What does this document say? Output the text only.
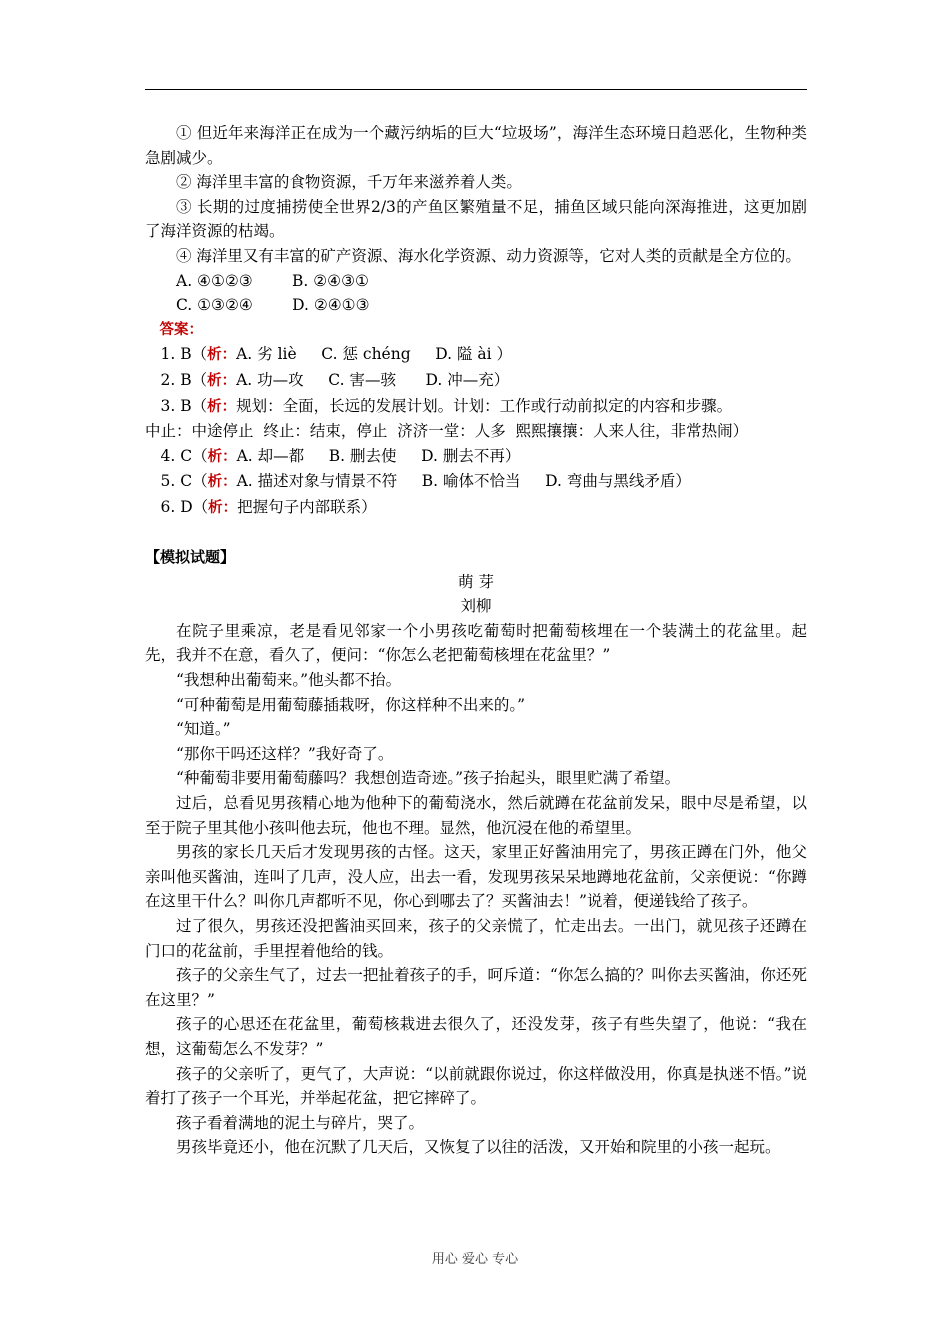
① 但近年来海洋正在成为一个藏污纳垢的巨大“垃圾场”，海洋生态环境日趋恶化，生物种类急剧减少。

② 海洋里丰富的食物资源，千万年来滋养着人类。

③ 长期的过度捕捞使全世界2/3的产鱼区繁殖量不足，捕鱼区域只能向深海推进，这更加剧了海洋资源的枯竭。

④ 海洋里又有丰富的矿产资源、海水化学资源、动力资源等，它对人类的贡献是全方位的。

A. ④①②③        B. ②④③①

C. ①③②④        D. ②④①③

答案：

1. B（析：A. 劣 liè     C. 惩 chéng     D. 隘 ài ）

2. B（析：A. 功—攻     C. 害—骇      D. 冲—充）

3. B（析：规划：全面，长远的发展计划。计划：工作或行动前拟定的内容和步骤。

中止：中途停止  终止：结束，停止  济济一堂：人多  熙熙攘攘：人来人往，非常热闹）

4. C（析：A. 却—都     B. 删去使     D. 删去不再）

5. C（析：A. 描述对象与情景不符     B. 喻体不恰当     D. 弯曲与黑线矛盾）

6. D（析：把握句子内部联系）

【模拟试题】

萌 芽

刘柳

在院子里乘凉，老是看见邻家一个小男孩吃葡萄时把葡萄核埋在一个装满土的花盆里。起先，我并不在意，看久了，便问：“你怎么老把葡萄核埋在花盆里？”

“我想种出葡萄来。”他头都不抬。

“可种葡萄是用葡萄藤插栽呀，你这样种不出来的。”

“知道。”

“那你干吗还这样？”我好奇了。

“种葡萄非要用葡萄藤吗？我想创造奇迹。”孩子抬起头，眼里贮满了希望。

过后，总看见男孩精心地为他种下的葡萄浇水，然后就蹲在花盆前发呆，眼中尽是希望，以至于院子里其他小孩叫他去玩，他也不理。显然，他沉浸在他的希望里。

男孩的家长几天后才发现男孩的古怪。这天，家里正好酱油用完了，男孩正蹲在门外，他父亲叫他买酱油，连叫了几声，没人应，出去一看，发现男孩呆呆地蹲地花盆前，父亲便说：“你蹲在这里干什么？叫你几声都听不见，你心到哪去了？买酱油去！”说着，便递钱给了孩子。

过了很久，男孩还没把酱油买回来，孩子的父亲慌了，忙走出去。一出门，就见孩子还蹲在门口的花盆前，手里捏着他给的钱。

孩子的父亲生气了，过去一把扯着孩子的手，呵斥道：“你怎么搞的？叫你去买酱油，你还死在这里？”

孩子的心思还在花盆里，葡萄核栽进去很久了，还没发芽，孩子有些失望了，他说：“我在想，这葡萄怎么不发芽？”

孩子的父亲听了，更气了，大声说：“以前就跟你说过，你这样做没用，你真是执迷不悟。”说着打了孩子一个耳光，并举起花盆，把它摔碎了。

孩子看着满地的泥土与碎片，哭了。

男孩毕竟还小，他在沉默了几天后，又恢复了以往的活泼，又开始和院里的小孩一起玩。

用心 爱心 专心
